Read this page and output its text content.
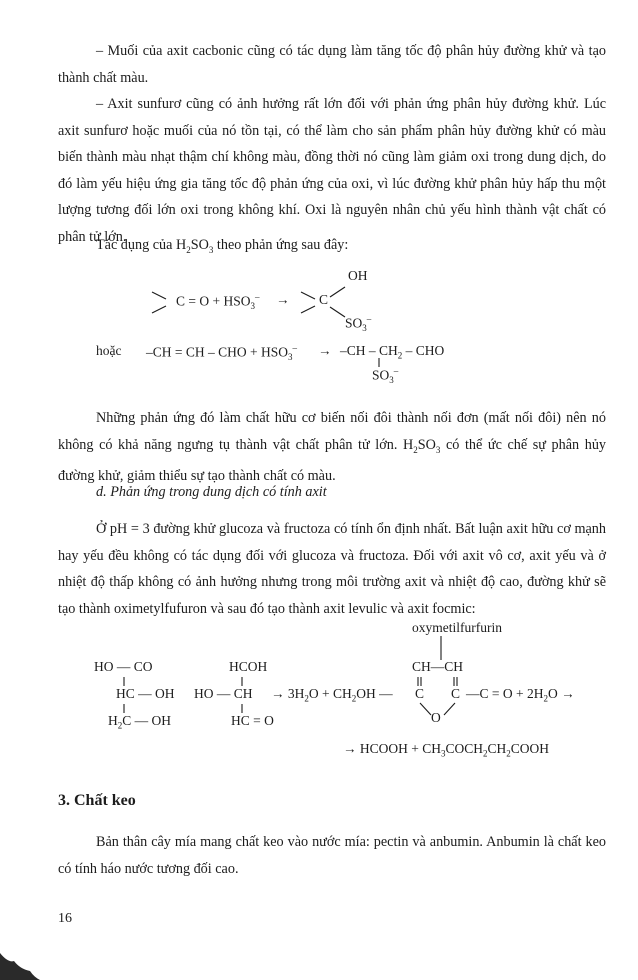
– Muối của axit cacbonic cũng có tác dụng làm tăng tốc độ phân hủy đường khử và tạo thành chất màu.

– Axit sunfurơ cũng có ảnh hưởng rất lớn đối với phản ứng phân hủy đường khử. Lúc axit sunfurơ hoặc muối của nó tồn tại, có thể làm cho sản phẩm phân hủy đường khử có màu biến thành màu nhạt thậm chí không màu, đồng thời nó cũng làm giảm oxi trong dung dịch, do đó làm yếu hiệu ứng gia tăng tốc độ phản ứng của oxi, vì lúc đường khử phân hủy hấp thu một lượng tương đối lớn oxi trong không khí. Oxi là nguyên nhân chủ yếu hình thành vật chất có phân tử lớn.

Tác dụng của $H_2SO_3$ theo phản ứng sau đây:
OH
$C = O + HSO_3^- \to C$
$SO_3^-$
hoặc –CH = CH – CHO + $HSO_3^- \to -CH - CH_2$ – CHO
$SO_3^-$

Những phản ứng đó làm chất hữu cơ biến nối đôi thành nối đơn (mất nối đôi) nên nó không có khả năng ngưng tụ thành vật chất phân tử lớn. $H_2SO_3$ có thể ức chế sự phân hủy đường khử, giảm thiểu sự tạo thành chất có màu.

d. Phản ứng trong dung dịch có tính axit

Ở pH = 3 đường khử glucoza và fructoza có tính ổn định nhất. Bất luận axit hữu cơ mạnh hay yếu đều không có tác dụng đối với glucoza và fructoza. Đối với axit vô cơ, axit yếu và ở nhiệt độ thấp không có ảnh hưởng nhưng trong môi trường axit và nhiệt độ cao, đường khử sẽ tạo thành oximetylfufuron và sau đó tạo thành axit levulic và axit focmic:

oxymetilfurfurin
HO — CO
HC — OH
$H_2C$ — OH
HCOH
HO — CH
HC = O
→ $3H_2O + CH_2OH$ —
CH—CH
C C
O
—C = $O + 2H_2O$ →
→ HCOOH + $CH_3COCH_2CH_2COOH$
3. Chất keo

Bản thân cây mía mang chất keo vào nước mía: pectin và anbumin. Anbumin là chất keo có tính háo nước tương đối cao.

16
